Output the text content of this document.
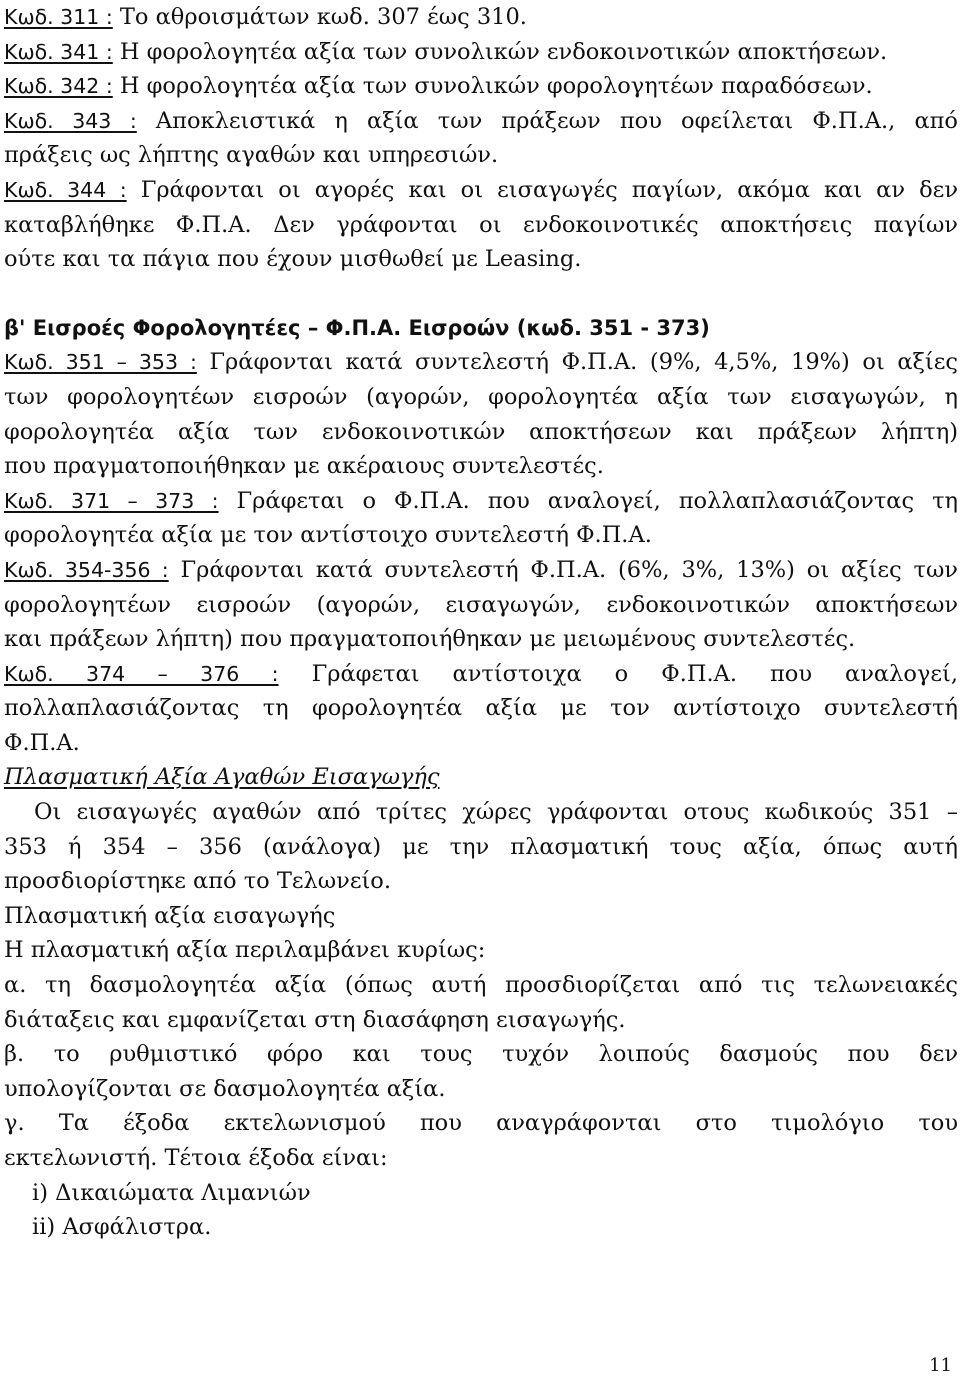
Κωδ. 311 : Το αθροισμάτων κωδ. 307 έως 310.
Κωδ. 341 : Η φορολογητέα αξία των συνολικών ενδοκοινοτικών αποκτήσεων.
Κωδ. 342 : Η φορολογητέα αξία των συνολικών φορολογητέων παραδόσεων.
Κωδ. 343 : Αποκλειστικά η αξία των πράξεων που οφείλεται Φ.Π.Α., από
πράξεις ως λήπτης αγαθών και υπηρεσιών.
Κωδ. 344 : Γράφονται οι αγορές και οι εισαγωγές παγίων, ακόμα και αν δεν
καταβλήθηκε Φ.Π.Α. Δεν γράφονται οι ενδοκοινοτικές αποκτήσεις παγίων
ούτε και τα πάγια που έχουν μισθωθεί με Leasing.
β' Εισροές Φορολογητέες – Φ.Π.Α. Εισροών (κωδ. 351 - 373)
Κωδ. 351 – 353 : Γράφονται κατά συντελεστή Φ.Π.Α. (9%, 4,5%, 19%) οι αξίες
των φορολογητέων εισροών (αγορών, φορολογητέα αξία των εισαγωγών, η
φορολογητέα αξία των ενδοκοινοτικών αποκτήσεων και πράξεων λήπτη)
που πραγματοποιήθηκαν με ακέραιους συντελεστές.
Κωδ. 371 – 373 : Γράφεται ο Φ.Π.Α. που αναλογεί, πολλαπλασιάζοντας τη
φορολογητέα αξία με τον αντίστοιχο συντελεστή Φ.Π.Α.
Κωδ. 354-356 : Γράφονται κατά συντελεστή Φ.Π.Α. (6%, 3%, 13%) οι αξίες των
φορολογητέων εισροών (αγορών, εισαγωγών, ενδοκοινοτικών αποκτήσεων
και πράξεων λήπτη) που πραγματοποιήθηκαν με μειωμένους συντελεστές.
Κωδ. 374 – 376 : Γράφεται αντίστοιχα ο Φ.Π.Α. που αναλογεί,
πολλαπλασιάζοντας τη φορολογητέα αξία με τον αντίστοιχο συντελεστή
Φ.Π.Α.
Πλασματική Αξία Αγαθών Εισαγωγής
Οι εισαγωγές αγαθών από τρίτες χώρες γράφονται οτους κωδικούς 351 –
353 ή 354 – 356 (ανάλογα) με την πλασματική τους αξία, όπως αυτή
προσδιορίστηκε από το Τελωνείο.
Πλασματική αξία εισαγωγής
Η πλασματική αξία περιλαμβάνει κυρίως:
α. τη δασμολογητέα αξία (όπως αυτή προσδιορίζεται από τις τελωνειακές
διάταξεις και εμφανίζεται στη διασάφηση εισαγωγής.
β. το ρυθμιστικό φόρο και τους τυχόν λοιπούς δασμούς που δεν
υπολογίζονται σε δασμολογητέα αξία.
γ. Τα έξοδα εκτελωνισμού που αναγράφονται στο τιμολόγιο του
εκτελωνιστή. Τέτοια έξοδα είναι:
i) Δικαιώματα Λιμανιών
ii) Ασφάλιστρα.
11
